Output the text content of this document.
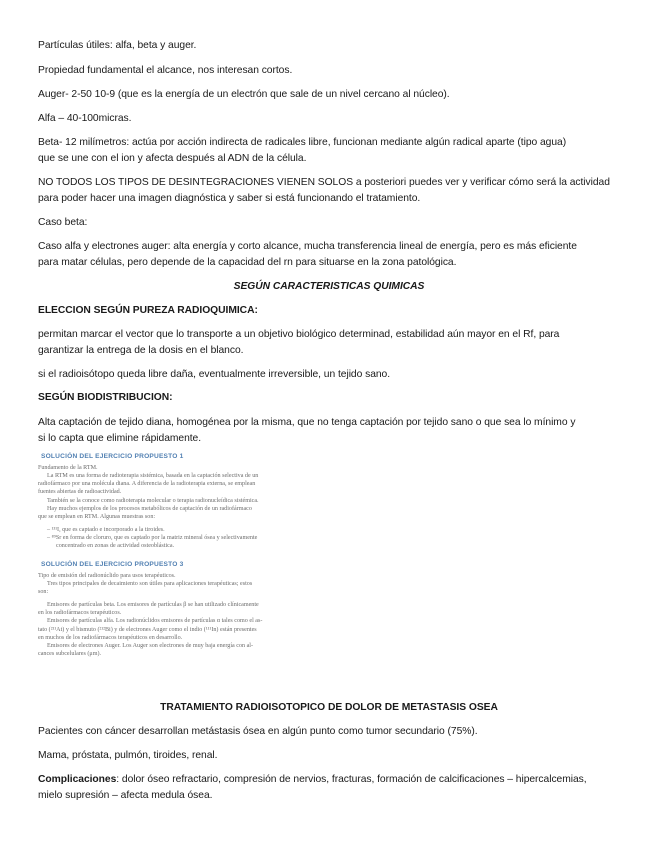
Partículas útiles: alfa, beta y auger.

Propiedad fundamental el alcance, nos interesan cortos.

Auger- 2-50 10-9 (que es la energía de un electrón que sale de un nivel cercano al núcleo).

Alfa – 40-100micras.

Beta- 12 milímetros: actúa por acción indirecta de radicales libre, funcionan mediante algún radical aparte (tipo agua)

que se une con el ion y afecta después al ADN de la célula.

NO TODOS LOS TIPOS DE DESINTEGRACIONES VIENEN SOLOS a posteriori puedes ver y verificar cómo será la actividad

para poder hacer una imagen diagnóstica y saber si está funcionando el tratamiento.

Caso beta:

Caso alfa y electrones auger: alta energía y corto alcance, mucha transferencia lineal de energía, pero es más eficiente

para matar células, pero depende de la capacidad del rn para situarse en la zona patológica.

SEGÚN CARACTERISTICAS QUIMICAS

ELECCION SEGÚN PUREZA RADIOQUIMICA:

permitan marcar el vector que lo transporte a un objetivo biológico determinad, estabilidad aún mayor en el Rf, para

garantizar la entrega de la dosis en el blanco.

si el radioisótopo queda libre daña, eventualmente irreversible, un tejido sano.

SEGÚN BIODISTRIBUCION:

Alta captación de tejido diana, homogénea por la misma, que no tenga captación por tejido sano o que sea lo mínimo y

si lo capta que elimine rápidamente.

SOLUCIÓN DEL EJERCICIO PROPUESTO 1

Fundamento de la RTM.

La RTM es una forma de radioterapia sistémica, basada en la captación selectiva de un

radiofármaco por una molécula diana. A diferencia de la radioterapia externa, se emplean

fuentes abiertas de radioactividad.

También se la conoce como radioterapia molecular o terapia radionucleídica sistémica.

Hay muchos ejemplos de los procesos metabólicos de captación de un radiofármaco

que se emplean en RTM. Algunas muestras son:

– ¹³¹I, que es captado e incorporado a la tiroides.

– ⁸⁹Sr en forma de cloruro, que es captado por la matriz mineral ósea y selectivamente

concentrado en zonas de actividad osteoblástica.

SOLUCIÓN DEL EJERCICIO PROPUESTO 3

Tipo de emisión del radionúclido para usos terapéuticos.

Tres tipos principales de decaimiento son útiles para aplicaciones terapéuticas; estos

son:

Emisores de partículas beta. Los emisores de partículas β se han utilizado clínicamente

en los radiofármacos terapéuticos.

Emisores de partículas alfa. Los radionúclidos emisores de partículas α tales como el as-

tato (²¹¹At) y el bismuto (²¹²Bi) y de electrones Auger como el indio (¹¹¹In) están presentes

en muchos de los radiofármacos terapéuticos en desarrollo.

Emisores de electrones Auger. Los Auger son electrones de muy baja energía con al-

cances subcelulares (μm).

TRATAMIENTO RADIOISOTOPICO DE DOLOR DE METASTASIS OSEA

Pacientes con cáncer desarrollan metástasis ósea en algún punto como tumor secundario (75%).

Mama, próstata, pulmón, tiroides, renal.

Complicaciones: dolor óseo refractario, compresión de nervios, fracturas, formación de calcificaciones – hipercalcemias,

mielo supresión – afecta medula ósea.
